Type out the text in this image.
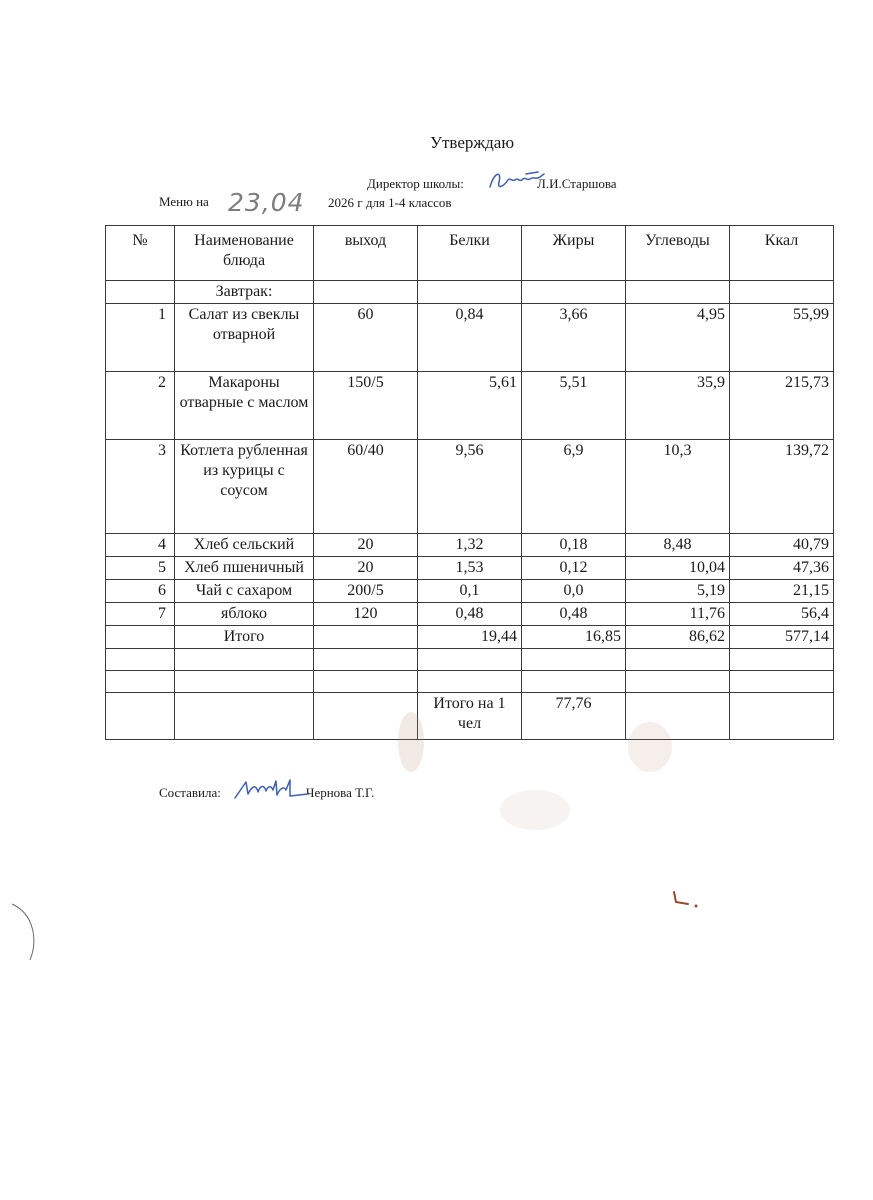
Утверждаю
Директор школы:	Л.И.Старшова
Меню на 23,04 2026 г для 1-4 классов
№	Наименование блюда	выход	Белки	Жиры	Углеводы	Ккал
	Завтрак:					
1	Салат из свеклы отварной	60	0,84	3,66	4,95	55,99
2	Макароны отварные с маслом	150/5	5,61	5,51	35,9	215,73
3	Котлета рубленная из курицы с соусом	60/40	9,56	6,9	10,3	139,72
4	Хлеб сельский	20	1,32	0,18	8,48	40,79
5	Хлеб пшеничный	20	1,53	0,12	10,04	47,36
6	Чай с сахаром	200/5	0,1	0,0	5,19	21,15
7	яблоко	120	0,48	0,48	11,76	56,4
	Итого		19,44	16,85	86,62	577,14

			Итого на 1 чел	77,76		
Составила:	Чернова Т.Г.
